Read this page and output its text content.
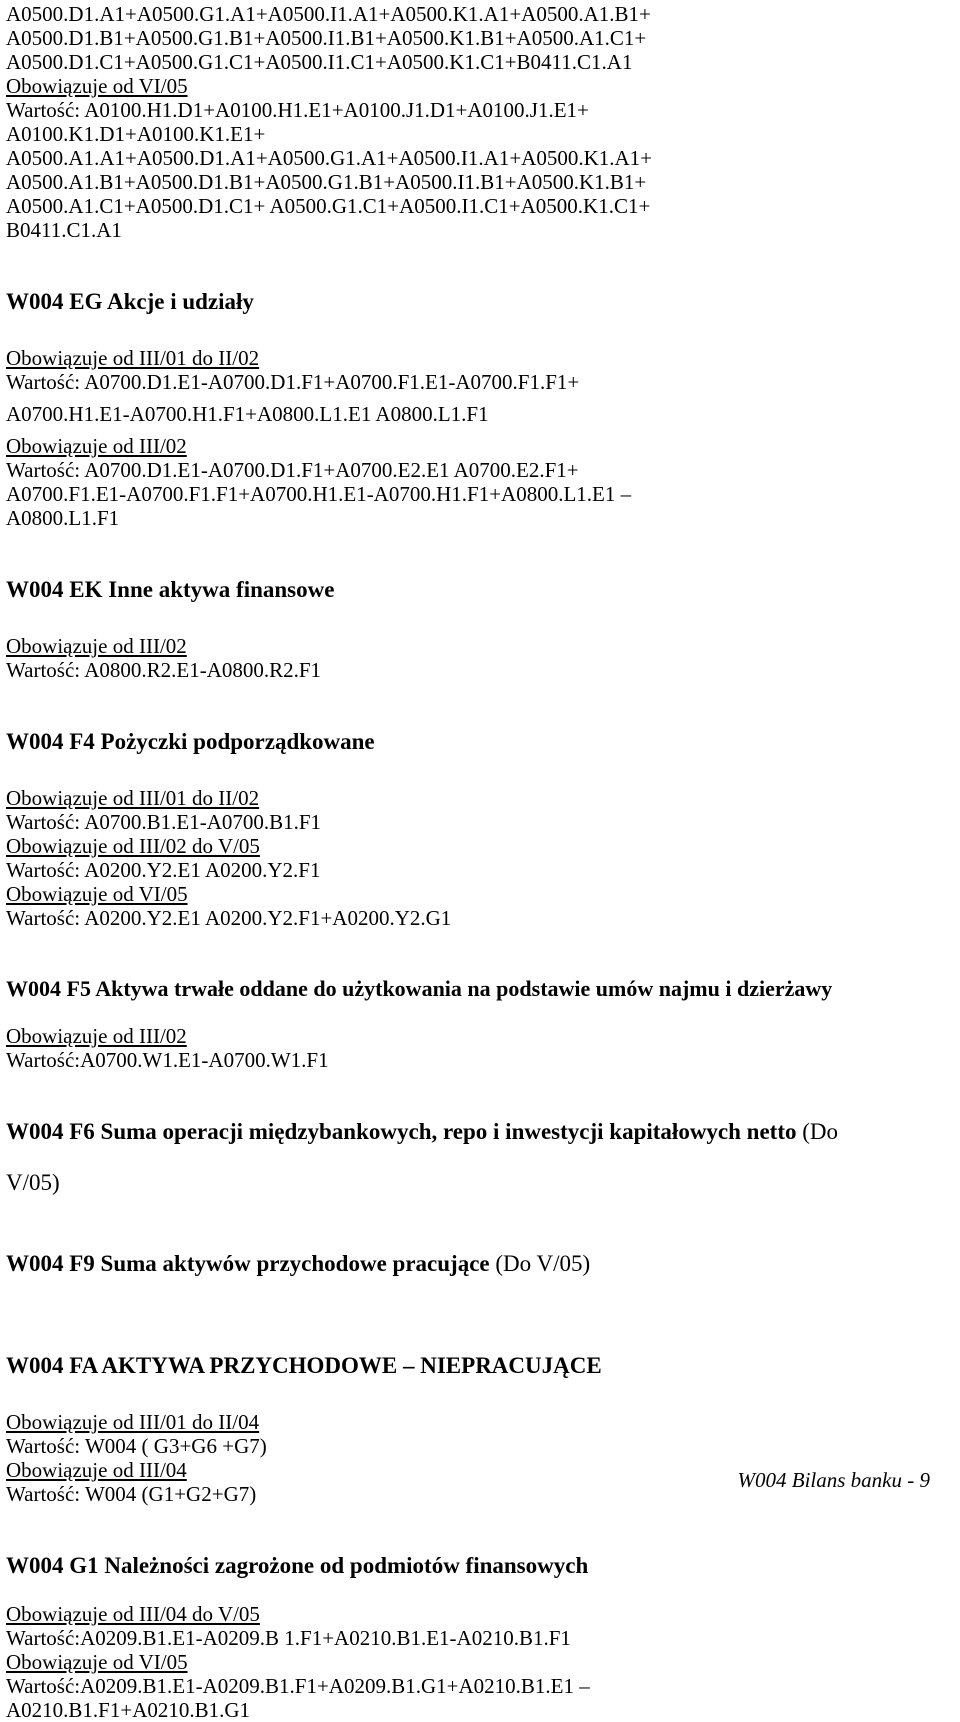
A0500.D1.A1+A0500.G1.A1+A0500.I1.A1+A0500.K1.A1+A0500.A1.B1+

A0500.D1.B1+A0500.G1.B1+A0500.I1.B1+A0500.K1.B1+A0500.A1.C1+

A0500.D1.C1+A0500.G1.C1+A0500.I1.C1+A0500.K1.C1+B0411.C1.A1

Obowiązuje od VI/05

Wartość: A0100.H1.D1+A0100.H1.E1+A0100.J1.D1+A0100.J1.E1+

A0100.K1.D1+A0100.K1.E1+

A0500.A1.A1+A0500.D1.A1+A0500.G1.A1+A0500.I1.A1+A0500.K1.A1+

A0500.A1.B1+A0500.D1.B1+A0500.G1.B1+A0500.I1.B1+A0500.K1.B1+

A0500.A1.C1+A0500.D1.C1+ A0500.G1.C1+A0500.I1.C1+A0500.K1.C1+

B0411.C1.A1

W004 EG Akcje i udziały

Obowiązuje od III/01 do II/02

Wartość: A0700.D1.E1-A0700.D1.F1+A0700.F1.E1-A0700.F1.F1+

A0700.H1.E1-A0700.H1.F1+A0800.L1.E1 A0800.L1.F1

Obowiązuje od III/02

Wartość: A0700.D1.E1-A0700.D1.F1+A0700.E2.E1 A0700.E2.F1+

A0700.F1.E1-A0700.F1.F1+A0700.H1.E1-A0700.H1.F1+A0800.L1.E1 –

A0800.L1.F1

W004 EK Inne aktywa finansowe

Obowiązuje od III/02

Wartość: A0800.R2.E1-A0800.R2.F1

W004 F4 Pożyczki podporządkowane

Obowiązuje od III/01 do II/02

Wartość: A0700.B1.E1-A0700.B1.F1

Obowiązuje od III/02 do V/05

Wartość: A0200.Y2.E1 A0200.Y2.F1

Obowiązuje od VI/05

Wartość: A0200.Y2.E1 A0200.Y2.F1+A0200.Y2.G1

W004 F5 Aktywa trwałe oddane do użytkowania na podstawie umów najmu i dzierżawy

Obowiązuje od III/02

Wartość:A0700.W1.E1-A0700.W1.F1

W004 F6 Suma operacji międzybankowych, repo i inwestycji kapitałowych netto (Do

V/05)

W004 F9 Suma aktywów przychodowe pracujące (Do V/05)

W004 FA AKTYWA PRZYCHODOWE – NIEPRACUJĄCE

Obowiązuje od III/01 do II/04

Wartość: W004 ( G3+G6 +G7)

Obowiązuje od III/04

Wartość: W004 (G1+G2+G7)

W004 G1 Należności zagrożone od podmiotów finansowych

Obowiązuje od III/04 do V/05

Wartość:A0209.B1.E1-A0209.B 1.F1+A0210.B1.E1-A0210.B1.F1

Obowiązuje od VI/05

Wartość:A0209.B1.E1-A0209.B1.F1+A0209.B1.G1+A0210.B1.E1 –

A0210.B1.F1+A0210.B1.G1

W004 Bilans banku - 9
